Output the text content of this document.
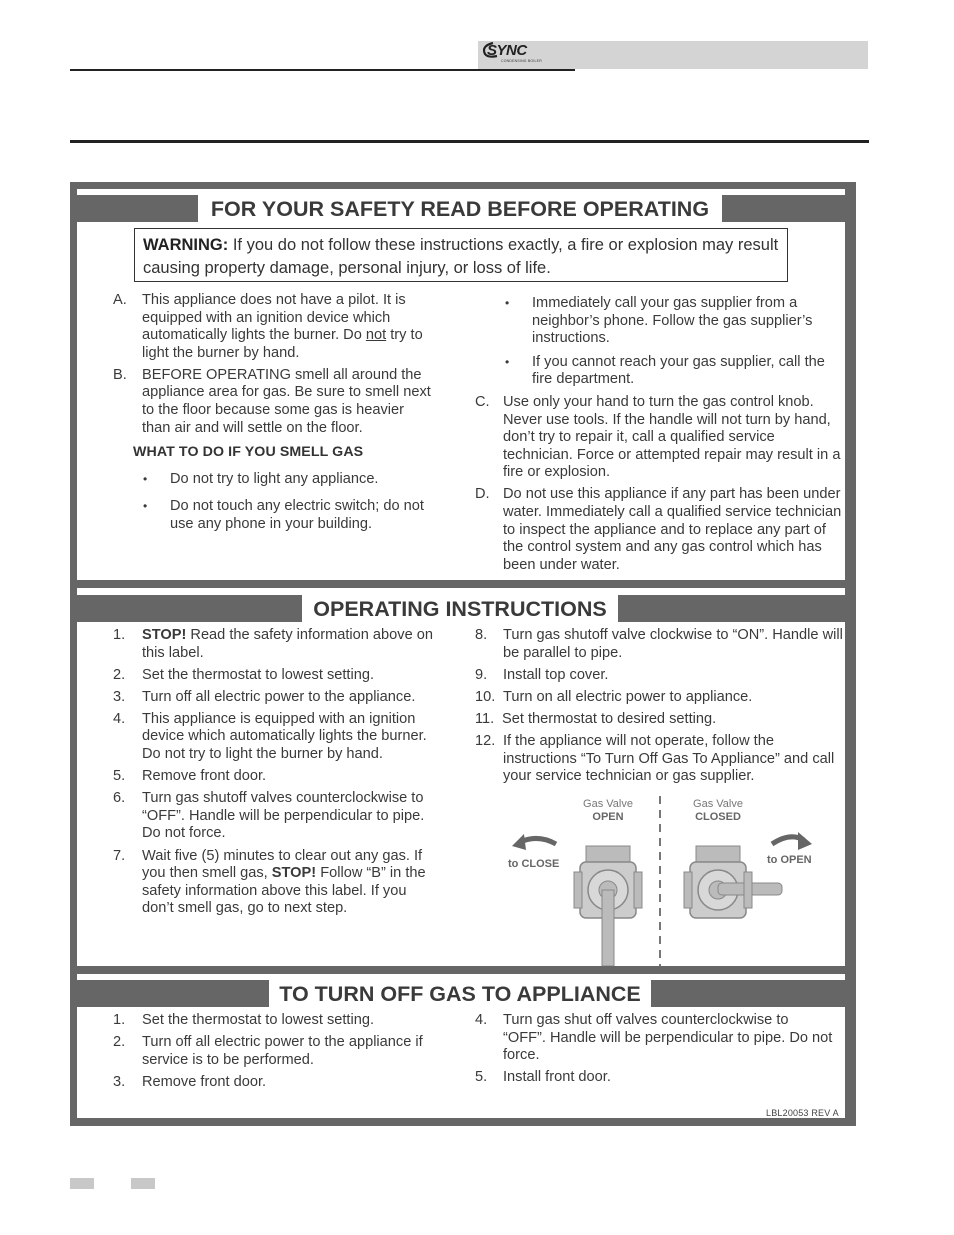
SYNC
CONDENSING BOILER
FOR YOUR SAFETY READ BEFORE OPERATING
OPERATING INSTRUCTIONS
TO TURN OFF GAS TO APPLIANCE
WARNING: If you do not follow these instructions exactly, a fire or explosion may result causing property damage, personal injury, or loss of life.
A. This appliance does not have a pilot. It is equipped with an ignition device which automatically lights the burner. Do not try to light the burner by hand.
B. BEFORE OPERATING smell all around the appliance area for gas. Be sure to smell next to the floor because some gas is heavier than air and will settle on the floor.
WHAT TO DO IF YOU SMELL GAS
• Do not try to light any appliance.
• Do not touch any electric switch; do not use any phone in your building.
• Immediately call your gas supplier from a neighbor’s phone. Follow the gas supplier’s instructions.
• If you cannot reach your gas supplier, call the fire department.
C. Use only your hand to turn the gas control knob. Never use tools. If the handle will not turn by hand, don’t try to repair it, call a qualified service technician. Force or attempted repair may result in a fire or explosion.
D. Do not use this appliance if any part has been under water. Immediately call a qualified service technician to inspect the appliance and to replace any part of the control system and any gas control which has been under water.
1. STOP! Read the safety information above on this label.
2. Set the thermostat to lowest setting.
3. Turn off all electric power to the appliance.
4. This appliance is equipped with an ignition device which automatically lights the burner. Do not try to light the burner by hand.
5. Remove front door.
6. Turn gas shutoff valves counterclockwise to “OFF”. Handle will be perpendicular to pipe. Do not force.
7. Wait five (5) minutes to clear out any gas. If you then smell gas, STOP! Follow “B” in the safety information above this label. If you don’t smell gas, go to next step.
8. Turn gas shutoff valve clockwise to “ON”. Handle will be parallel to pipe.
9. Install top cover.
10. Turn on all electric power to appliance.
11. Set thermostat to desired setting.
12. If the appliance will not operate, follow the instructions “To Turn Off Gas To Appliance” and call your service technician or gas supplier.
Gas Valve
OPEN
Gas Valve
CLOSED
to CLOSE	to OPEN
1. Set the thermostat to lowest setting.
2. Turn off all electric power to the appliance if service is to be performed.
3. Remove front door.
4. Turn gas shut off valves counterclockwise to “OFF”. Handle will be perpendicular to pipe. Do not force.
5. Install front door.
LBL20053 REV A
